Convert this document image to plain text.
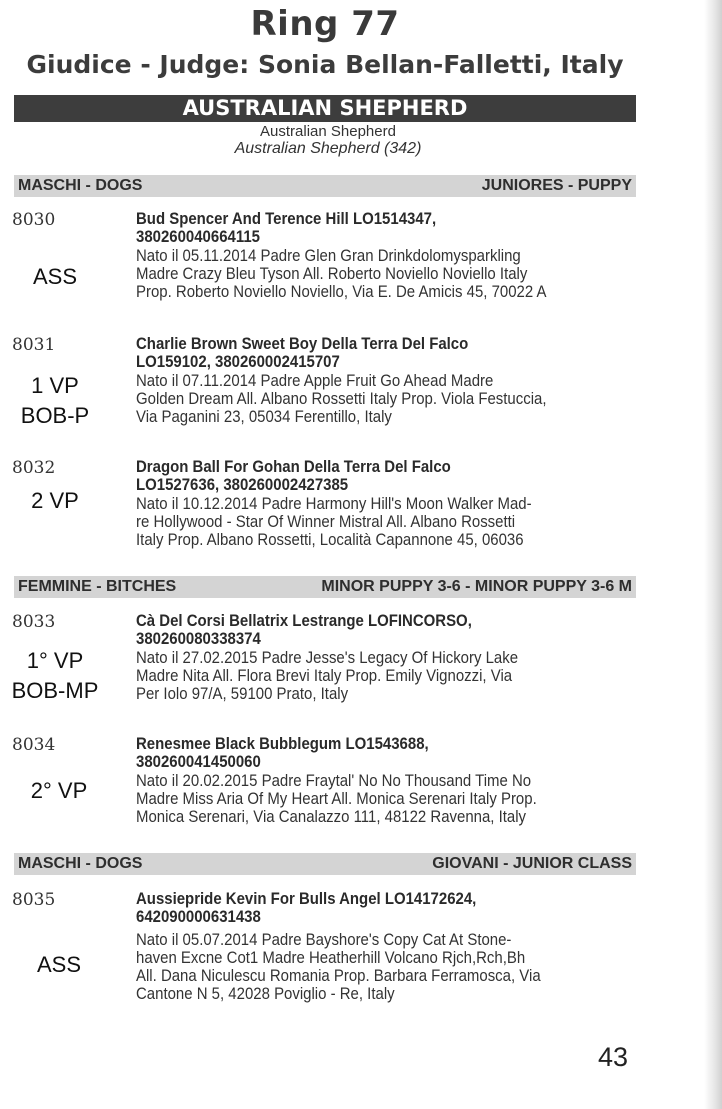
Ring 77
Giudice - Judge: Sonia Bellan-Falletti, Italy
AUSTRALIAN SHEPHERD
Australian Shepherd
Australian Shepherd (342)
MASCHI - DOGS	JUNIORES - PUPPY
8030
ASS
Bud Spencer And Terence Hill LO1514347,
380260040664115
Nato il 05.11.2014 Padre Glen Gran Drinkdolomysparkling
Madre Crazy Bleu Tyson All. Roberto Noviello Noviello Italy
Prop. Roberto Noviello Noviello, Via E. De Amicis 45, 70022 A
8031
1 VP
BOB-P
Charlie Brown Sweet Boy Della Terra Del Falco
LO159102, 380260002415707
Nato il 07.11.2014 Padre Apple Fruit Go Ahead Madre
Golden Dream All. Albano Rossetti Italy Prop. Viola Festuccia,
Via Paganini 23, 05034 Ferentillo, Italy
8032
2 VP
Dragon Ball For Gohan Della Terra Del Falco
LO1527636, 380260002427385
Nato il 10.12.2014 Padre Harmony Hill's Moon Walker Mad-
re Hollywood - Star Of Winner Mistral All. Albano Rossetti
Italy Prop. Albano Rossetti, Località Capannone 45, 06036
FEMMINE - BITCHES	MINOR PUPPY 3-6 - MINOR PUPPY 3-6 M
8033
1° VP
BOB-MP
Cà Del Corsi Bellatrix Lestrange LOFINCORSO,
380260080338374
Nato il 27.02.2015 Padre Jesse's Legacy Of Hickory Lake
Madre Nita All. Flora Brevi Italy Prop. Emily Vignozzi, Via
Per Iolo 97/A, 59100 Prato, Italy
8034
2° VP
Renesmee Black Bubblegum LO1543688,
380260041450060
Nato il 20.02.2015 Padre Fraytal' No No Thousand Time No
Madre Miss Aria Of My Heart All. Monica Serenari Italy Prop.
Monica Serenari, Via Canalazzo 111, 48122 Ravenna, Italy
MASCHI - DOGS	GIOVANI - JUNIOR CLASS
8035
ASS
Aussiepride Kevin For Bulls Angel LO14172624,
642090000631438
Nato il 05.07.2014 Padre Bayshore's Copy Cat At Stone-
haven Excne Cot1 Madre Heatherhill Volcano Rjch,Rch,Bh
All. Dana Niculescu Romania Prop. Barbara Ferramosca, Via
Cantone N 5, 42028 Poviglio - Re, Italy
43
